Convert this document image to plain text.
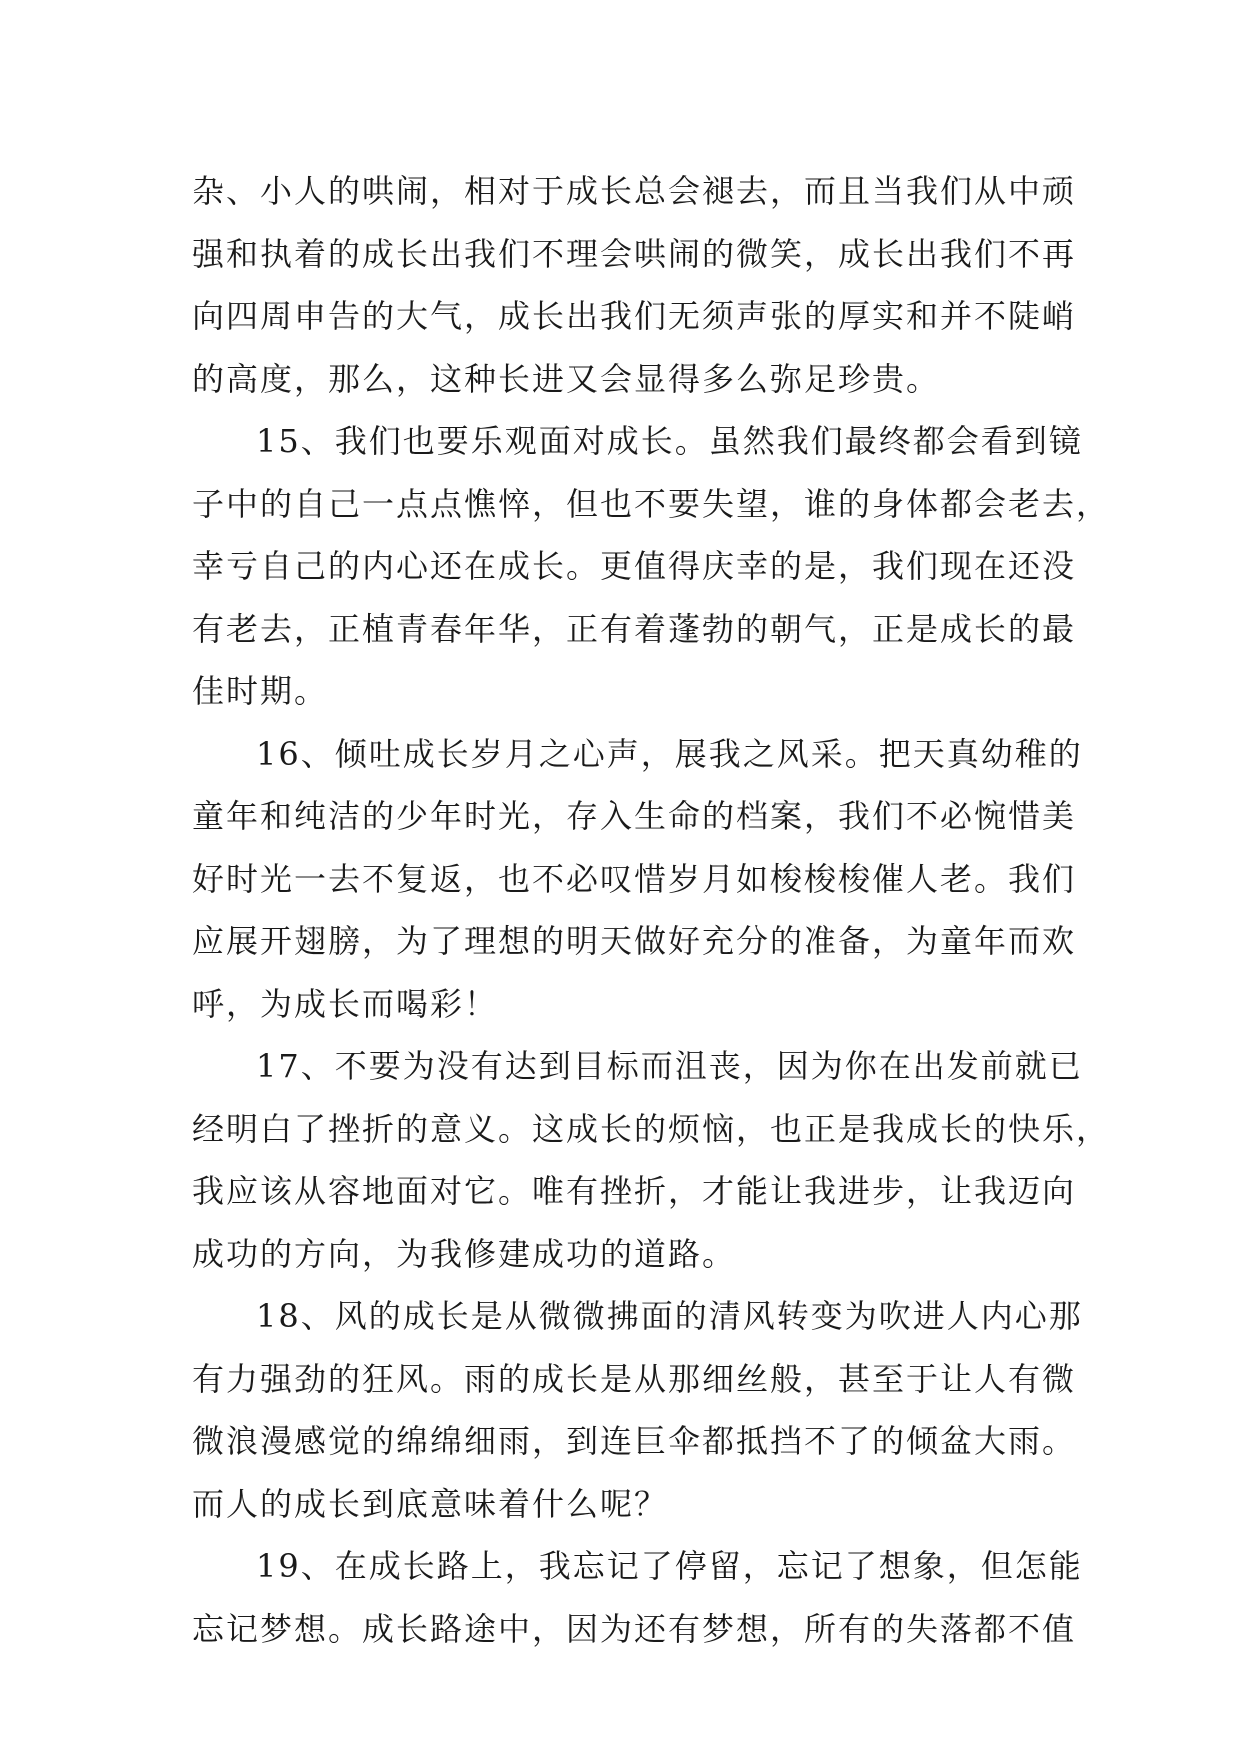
杂、小人的哄闹，相对于成长总会褪去，而且当我们从中顽
强和执着的成长出我们不理会哄闹的微笑，成长出我们不再
向四周申告的大气，成长出我们无须声张的厚实和并不陡峭
的高度，那么，这种长进又会显得多么弥足珍贵。

15、我们也要乐观面对成长。虽然我们最终都会看到镜
子中的自己一点点憔悴，但也不要失望，谁的身体都会老去，
幸亏自己的内心还在成长。更值得庆幸的是，我们现在还没
有老去，正植青春年华，正有着蓬勃的朝气，正是成长的最
佳时期。

16、倾吐成长岁月之心声，展我之风采。把天真幼稚的
童年和纯洁的少年时光，存入生命的档案，我们不必惋惜美
好时光一去不复返，也不必叹惜岁月如梭梭梭催人老。我们
应展开翅膀，为了理想的明天做好充分的准备，为童年而欢
呼，为成长而喝彩！

17、不要为没有达到目标而沮丧，因为你在出发前就已
经明白了挫折的意义。这成长的烦恼，也正是我成长的快乐，
我应该从容地面对它。唯有挫折，才能让我进步，让我迈向
成功的方向，为我修建成功的道路。

18、风的成长是从微微拂面的清风转变为吹进人内心那
有力强劲的狂风。雨的成长是从那细丝般，甚至于让人有微
微浪漫感觉的绵绵细雨，到连巨伞都抵挡不了的倾盆大雨。
而人的成长到底意味着什么呢？

19、在成长路上，我忘记了停留，忘记了想象，但怎能
忘记梦想。成长路途中，因为还有梦想，所有的失落都不值
